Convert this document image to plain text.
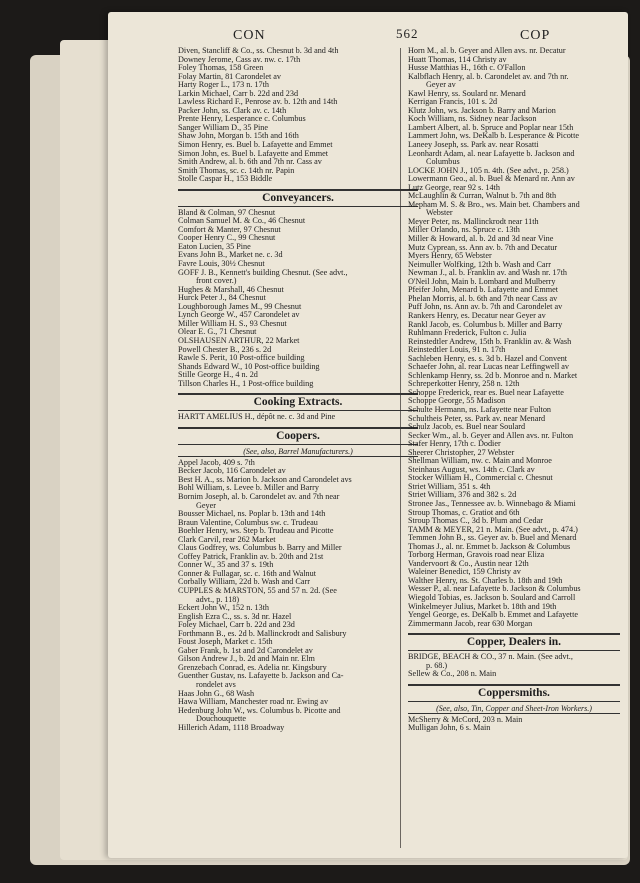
CON	562	COP
Diven, Stancliff & Co., ss. Chesnut b. 3d and 4th
Downey Jerome, Cass av. nw. c. 17th
Foley Thomas, 158 Green
Folay Martin, 81 Carondelet av
Harty Roger L., 173 n. 17th
Larkin Michael, Carr b. 22d and 23d
Lawless Richard F., Penrose av. b. 12th and 14th
Packer John, ss. Clark av. c. 14th
Prente Henry, Lesperance c. Columbus
Sanger William D., 35 Pine
Shaw John, Morgan b. 15th and 16th
Simon Henry, es. Buel b. Lafayette and Emmet
Simon John, es. Buel b. Lafayette and Emmet
Smith Andrew, al. b. 6th and 7th nr. Cass av
Smith Thomas, sc. c. 14th nr. Papin
Stolle Caspar H., 153 Biddle
Conveyancers.
Bland & Colman, 97 Chesnut
Colman Samuel M. & Co., 46 Chesnut
Comfort & Manter, 97 Chesnut
Cooper Henry C., 99 Chesnut
Eaton Lucien, 35 Pine
Evans John B., Market ne. c. 3d
Favre Louis, 30½ Chesnut
GOFF J. B., Kennett's building Chesnut. (See advt.,
front cover.)
Hughes & Marshall, 46 Chesnut
Hurck Peter J., 84 Chesnut
Loughborough James M., 99 Chesnut
Lynch George W., 457 Carondelet av
Miller William H. S., 93 Chesnut
Olear E. G., 71 Chesnut
OLSHAUSEN ARTHUR, 22 Market
Powell Chester B., 236 s. 2d
Rawle S. Perit, 10 Post-office building
Shands Edward W., 10 Post-office building
Stille George H., 4 n. 2d
Tillson Charles H., 1 Post-office building
Cooking Extracts.
HARTT AMELIUS H., dépôt ne. c. 3d and Pine
Coopers.
(See, also, Barrel Manufacturers.)
Appel Jacob, 409 s. 7th
Becker Jacob, 116 Carondelet av
Best H. A., ss. Marion b. Jackson and Carondelet avs
Bohl William, s. Levee b. Miller and Barry
Bornim Joseph, al. b. Carondelet av. and 7th near
Geyer
Bousser Michael, ns. Poplar b. 13th and 14th
Braun Valentine, Columbus sw. c. Trudeau
Boehler Henry, ws. Step b. Trudeau and Picotte
Clark Carvil, rear 262 Market
Claus Godfrey, ws. Columbus b. Barry and Miller
Coffey Patrick, Franklin av. b. 20th and 21st
Conner W., 35 and 37 s. 19th
Conner & Fullagar, sc. c. 16th and Walnut
Corbally William, 22d b. Wash and Carr
CUPPLES & MARSTON, 55 and 57 n. 2d. (See
advt., p. 118)
Eckert John W., 152 n. 13th
English Ezra C., ss. s. 3d nr. Hazel
Foley Michael, Carr b. 22d and 23d
Forthmann B., es. 2d b. Mallinckrodt and Salisbury
Foust Joseph, Market c. 15th
Gaber Frank, b. 1st and 2d Carondelet av
Gilson Andrew J., b. 2d and Main nr. Elm
Grenzebach Conrad, es. Adelia nr. Kingsbury
Guenther Gustav, ns. Lafayette b. Jackson and Ca-
rondelet avs
Haas John G., 68 Wash
Hawa William, Manchester road nr. Ewing av
Hedenburg John W., ws. Columbus b. Picotte and
Douchouquette
Hillerich Adam, 1118 Broadway
Horn M., al. b. Geyer and Allen avs. nr. Decatur
Huatt Thomas, 114 Christy av
Husse Matthias H., 16th c. O'Fallon
Kalbflach Henry, al. b. Carondelet av. and 7th nr.
Geyer av
Kawl Henry, ss. Soulard nr. Menard
Kerrigan Francis, 101 s. 2d
Klutz John, ws. Jackson b. Barry and Marion
Koch William, ns. Sidney near Jackson
Lambert Albert, al. b. Spruce and Poplar near 15th
Lammert John, ws. DeKalb b. Lesperance & Picotte
Laneey Joseph, ss. Park av. near Rosatti
Leonhardt Adam, al. near Lafayette b. Jackson and
Columbus
LOCKE JOHN J., 105 n. 4th. (See advt., p. 258.)
Lowermann Geo., al. b. Buel & Menard nr. Ann av
Lutz George, rear 92 s. 14th
McLaughlin & Curran, Walnut b. 7th and 8th
Mepham M. S. & Bro., ws. Main bet. Chambers and
Webster
Meyer Peter, ns. Mallinckrodt near 11th
Miller Orlando, ns. Spruce c. 13th
Miller & Howard, al. b. 2d and 3d near Vine
Mutz Cyprean, ss. Ann av. b. 7th and Decatur
Myers Henry, 65 Webster
Neimuller Wolfking, 12th b. Wash and Carr
Newman J., al. b. Franklin av. and Wash nr. 17th
O'Neil John, Main b. Lombard and Mulberry
Pfeifer John, Menard b. Lafayette and Emmet
Phelan Morris, al. b. 6th and 7th near Cass av
Puff John, ns. Ann av. b. 7th and Carondelet av
Rankers Henry, es. Decatur near Geyer av
Rankl Jacob, es. Columbus b. Miller and Barry
Ruhlmann Frederick, Fulton c. Julia
Reinstedtler Andrew, 15th b. Franklin av. & Wash
Reinstedtler Louis, 91 n. 17th
Sachleben Henry, es. s. 3d b. Hazel and Convent
Schaefer John, al. rear Lucas near Leffingwell av
Schlenkamp Henry, ss. 2d b. Monroe and n. Market
Schreperkotter Henry, 258 n. 12th
Schoppe Frederick, rear es. Buel near Lafayette
Schoppe George, 55 Madison
Schulte Hermann, ns. Lafayette near Fulton
Schultheis Peter, ss. Park av. near Menard
Schulz Jacob, es. Buel near Soulard
Secker Wm., al. b. Geyer and Allen avs. nr. Fulton
Stafer Henry, 17th c. Dodier
Sheerer Christopher, 27 Webster
Shellman William, nw. c. Main and Monroe
Steinhaus August, ws. 14th c. Clark av
Stocker William H., Commercial c. Chesnut
Striet William, 351 s. 4th
Striet William, 376 and 382 s. 2d
Stronee Jas., Tennessee av. b. Winnebago & Miami
Stroup Thomas, c. Gratiot and 6th
Stroup Thomas C., 3d b. Plum and Cedar
TAMM & MEYER, 21 n. Main. (See advt., p. 474.)
Temmen John B., ss. Geyer av. b. Buel and Menard
Thomas J., al. nr. Emmet b. Jackson & Columbus
Torborg Herman, Gravois road near Eliza
Vandervoort & Co., Austin near 12th
Waleiner Benedict, 159 Christy av
Walther Henry, ns. St. Charles b. 18th and 19th
Wesser P., al. near Lafayette b. Jackson & Columbus
Wiegold Tobias, es. Jackson b. Soulard and Carroll
Winkelmeyer Julius, Market b. 18th and 19th
Yengel George, es. DeKalb b. Emmet and Lafayette
Zimmermann Jacob, rear 630 Morgan
Copper, Dealers in.
BRIDGE, BEACH & CO., 37 n. Main. (See advt.,
p. 68.)
Sellew & Co., 208 n. Main
Coppersmiths.
(See, also, Tin, Copper and Sheet-Iron Workers.)
McSherry & McCord, 203 n. Main
Mulligan John, 6 s. Main
